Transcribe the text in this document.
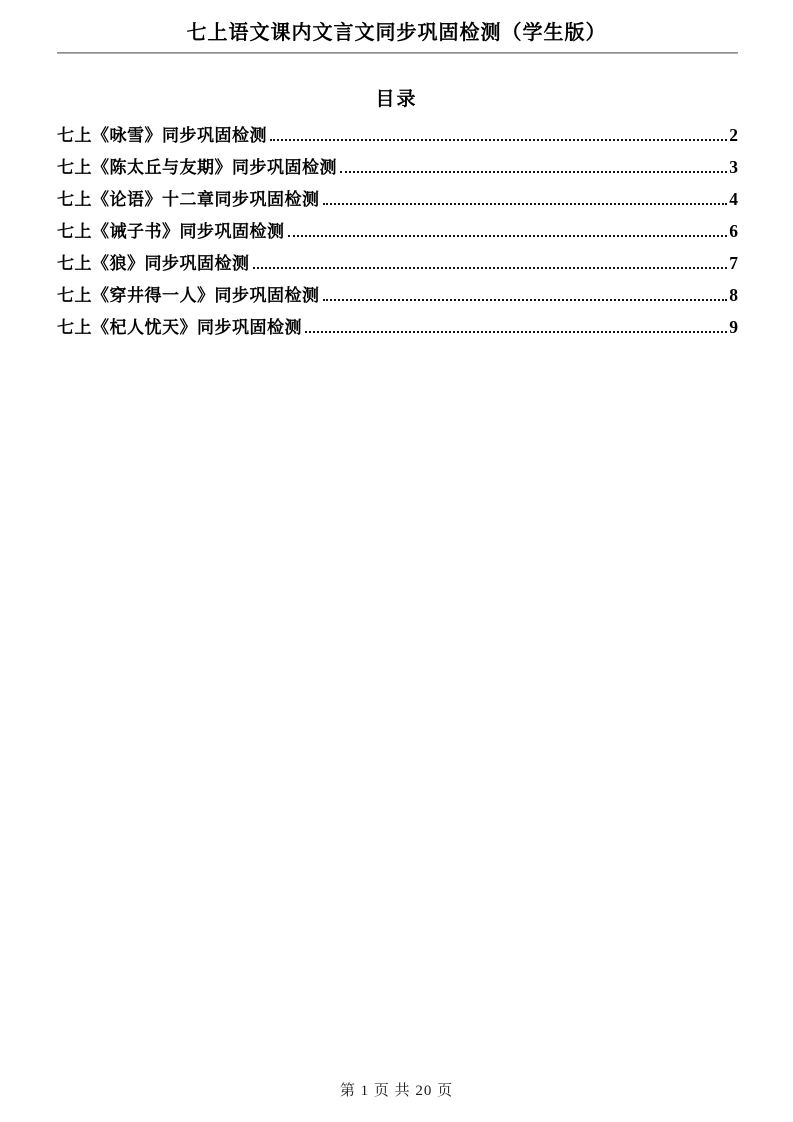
七上语文课内文言文同步巩固检测（学生版）
目录
七上《咏雪》同步巩固检测	2
七上《陈太丘与友期》同步巩固检测	3
七上《论语》十二章同步巩固检测	4
七上《诫子书》同步巩固检测	6
七上《狼》同步巩固检测	7
七上《穿井得一人》同步巩固检测	8
七上《杞人忧天》同步巩固检测	9
第 1 页 共 20 页
